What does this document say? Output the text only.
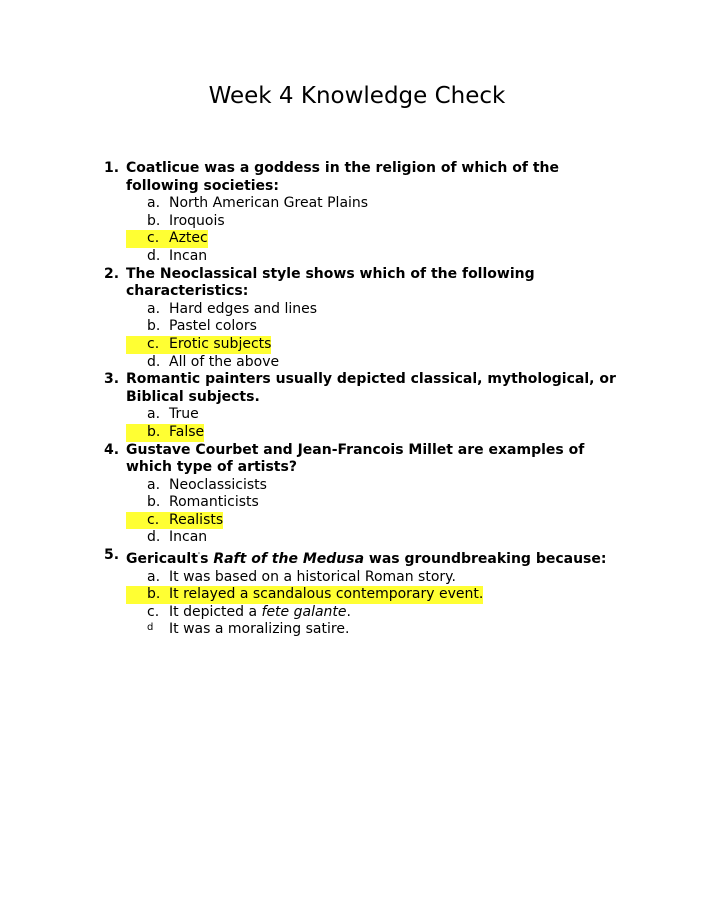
Week 4 Knowledge Check
1. Coatlicue was a goddess in the religion of which of the following societies:
a. North American Great Plains
b. Iroquois
c. Aztec
d. Incan
2. The Neoclassical style shows which of the following characteristics:
a. Hard edges and lines
b. Pastel colors
c. Erotic subjects
d. All of the above
3. Romantic painters usually depicted classical, mythological, or Biblical subjects.
a. True
b. False
4. Gustave Courbet and Jean-Francois Millet are examples of which type of artists?
a. Neoclassicists
b. Romanticists
c. Realists
d. Incan
5. Gericault's Raft of the Medusa was groundbreaking because:
a. It was based on a historical Roman story.
b. It relayed a scandalous contemporary event.
c. It depicted a fete galante.
d It was a moralizing satire.
